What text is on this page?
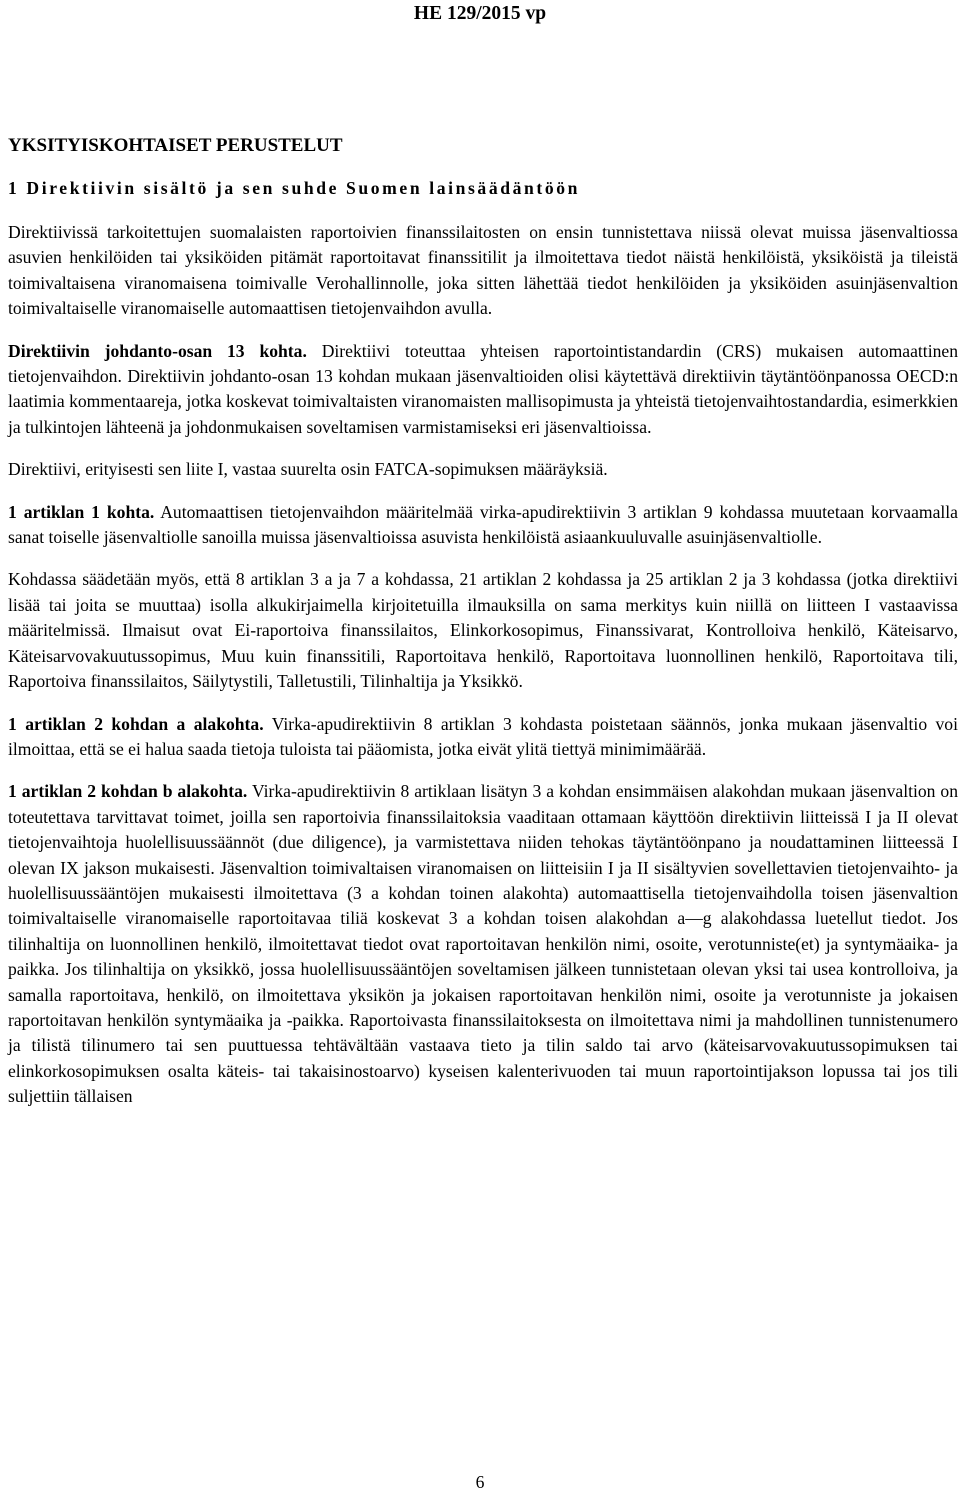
HE 129/2015 vp
YKSITYISKOHTAISET PERUSTELUT
1 Direktiivin sisältö ja sen suhde Suomen lainsäädäntöön

Direktiivissä tarkoitettujen suomalaisten raportoivien finanssilaitosten on ensin tunnistettava niissä olevat muissa jäsenvaltiossa asuvien henkilöiden tai yksiköiden pitämät raportoitavat finanssitilit ja ilmoitettava tiedot näistä henkilöistä, yksiköistä ja tileistä toimivaltaisena viranomaisena toimivalle Verohallinnolle, joka sitten lähettää tiedot henkilöiden ja yksiköiden asuinjäsenvaltion toimivaltaiselle viranomaiselle automaattisen tietojenvaihdon avulla.

Direktiivin johdanto-osan 13 kohta. Direktiivi toteuttaa yhteisen raportointistandardin (CRS) mukaisen automaattinen tietojenvaihdon. Direktiivin johdanto-osan 13 kohdan mukaan jäsenvaltioiden olisi käytettävä direktiivin täytäntöönpanossa OECD:n laatimia kommentaareja, jotka koskevat toimivaltaisten viranomaisten mallisopimusta ja yhteistä tietojenvaihtostandardia, esimerkkien ja tulkintojen lähteenä ja johdonmukaisen soveltamisen varmistamiseksi eri jäsenvaltioissa.

Direktiivi, erityisesti sen liite I, vastaa suurelta osin FATCA-sopimuksen määräyksiä.

1 artiklan 1 kohta. Automaattisen tietojenvaihdon määritelmää virka-apudirektiivin 3 artiklan 9 kohdassa muutetaan korvaamalla sanat toiselle jäsenvaltiolle sanoilla muissa jäsenvaltioissa asuvista henkilöistä asiaankuuluvalle asuinjäsenvaltiolle.

Kohdassa säädetään myös, että 8 artiklan 3 a ja 7 a kohdassa, 21 artiklan 2 kohdassa ja 25 artiklan 2 ja 3 kohdassa (jotka direktiivi lisää tai joita se muuttaa) isolla alkukirjaimella kirjoitetuilla ilmauksilla on sama merkitys kuin niillä on liitteen I vastaavissa määritelmissä. Ilmaisut ovat Ei-raportoiva finanssilaitos, Elinkorkosopimus, Finanssivarat, Kontrolloiva henkilö, Käteisarvo, Käteisarvovakuutussopimus, Muu kuin finanssitili, Raportoitava henkilö, Raportoitava luonnollinen henkilö, Raportoitava tili, Raportoiva finanssilaitos, Säilytystili, Talletustili, Tilinhaltija ja Yksikkö.

1 artiklan 2 kohdan a alakohta. Virka-apudirektiivin 8 artiklan 3 kohdasta poistetaan säännös, jonka mukaan jäsenvaltio voi ilmoittaa, että se ei halua saada tietoja tuloista tai pääomista, jotka eivät ylitä tiettyä minimimäärää.

1 artiklan 2 kohdan b alakohta. Virka-apudirektiivin 8 artiklaan lisätyn 3 a kohdan ensimmäisen alakohdan mukaan jäsenvaltion on toteutettava tarvittavat toimet, joilla sen raportoivia finanssilaitoksia vaaditaan ottamaan käyttöön direktiivin liitteissä I ja II olevat tietojenvaihtoja huolellisuussäännöt (due diligence), ja varmistettava niiden tehokas täytäntöönpano ja noudattaminen liitteessä I olevan IX jakson mukaisesti. Jäsenvaltion toimivaltaisen viranomaisen on liitteisiin I ja II sisältyvien sovellettavien tietojenvaihto- ja huolellisuussääntöjen mukaisesti ilmoitettava (3 a kohdan toinen alakohta) automaattisella tietojenvaihdolla toisen jäsenvaltion toimivaltaiselle viranomaiselle raportoitavaa tiliä koskevat 3 a kohdan toisen alakohdan a—g alakohdassa luetellut tiedot. Jos tilinhaltija on luonnollinen henkilö, ilmoitettavat tiedot ovat raportoitavan henkilön nimi, osoite, verotunniste(et) ja syntymäaika- ja paikka. Jos tilinhaltija on yksikkö, jossa huolellisuussääntöjen soveltamisen jälkeen tunnistetaan olevan yksi tai usea kontrolloiva, ja samalla raportoitava, henkilö, on ilmoitettava yksikön ja jokaisen raportoitavan henkilön nimi, osoite ja verotunniste ja jokaisen raportoitavan henkilön syntymäaika ja -paikka. Raportoivasta finanssilaitoksesta on ilmoitettava nimi ja mahdollinen tunnistenumero ja tilistä tilinumero tai sen puuttuessa tehtävältään vastaava tieto ja tilin saldo tai arvo (käteisarvovakuutussopimuksen tai elinkorkosopimuksen osalta käteis- tai takaisinostoarvo) kyseisen kalenterivuoden tai muun raportointijakson lopussa tai jos tili suljettiin tällaisen

6
